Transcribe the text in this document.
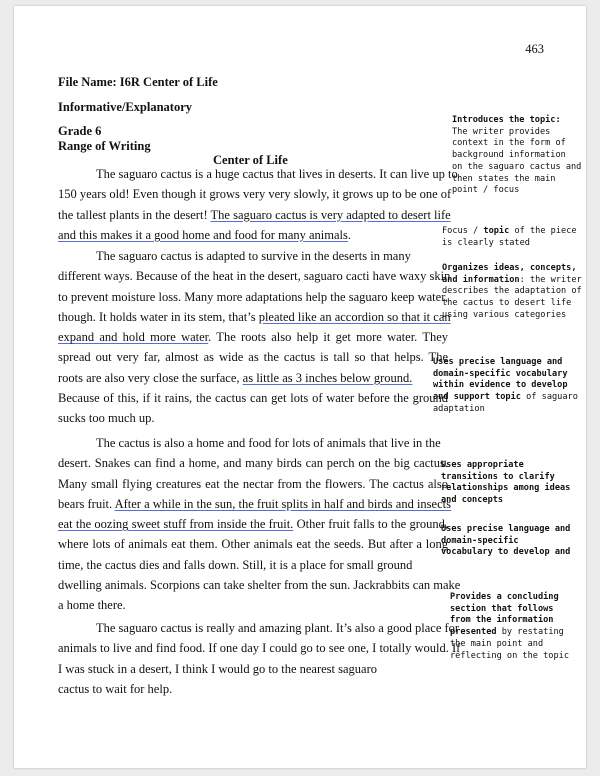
463
File Name: I6R Center of Life
Informative/Explanatory
Grade 6
Range of Writing
Center of Life
The saguaro cactus is a huge cactus that lives in deserts. It can live up to
150 years old! Even though it grows very very slowly, it grows up to be one of
the tallest plants in the desert! The saguaro cactus is very adapted to desert life
and this makes it a good home and food for many animals.
The saguaro cactus is adapted to survive in the deserts in many
different ways. Because of the heat in the desert, saguaro cacti have waxy skin
to prevent moisture loss. Many more adaptations help the saguaro keep water,
though. It holds water in its stem, that’s pleated like an accordion so that it can
expand and hold more water. The roots also help it get more water. They
spread out very far, almost as wide as the cactus is tall so that helps. The
roots are also very close the surface, as little as 3 inches below ground.
Because of this, if it rains, the cactus can get lots of water before the ground
sucks too much up.
The cactus is also a home and food for lots of animals that live in the
desert. Snakes can find a home, and many birds can perch on the big cactus.
Many small flying creatures eat the nectar from the flowers. The cactus also
bears fruit. After a while in the sun, the fruit splits in half and birds and insects
eat the oozing sweet stuff from inside the fruit. Other fruit falls to the ground,
where lots of animals eat them. Other animals eat the seeds. But after a long
time, the cactus dies and falls down. Still, it is a place for small ground
dwelling animals. Scorpions can take shelter from the sun. Jackrabbits can make
a home there.
The saguaro cactus is really and amazing plant. It’s also a good place for
animals to live and find food. If one day I could go to see one, I totally would. If
I was stuck in a desert, I think I would go to the nearest saguaro
cactus to wait for help.
Introduces the topic:
The writer provides
context in the form of
background information
on the saguaro cactus and
then states the main
point / focus
Focus / topic of the piece
is clearly stated
Organizes ideas, concepts,
and information: the writer
describes the adaptation of
the cactus to desert life
using various categories
Uses precise language and
domain-specific vocabulary
within evidence to develop
and support topic of saguaro
adaptation
Uses appropriate
transitions to clarify
relationships among ideas
and concepts
Uses precise language and
domain-specific
vocabulary to develop and
Provides a concluding
section that follows
from the information
presented by restating
the main point and
reflecting on the topic
